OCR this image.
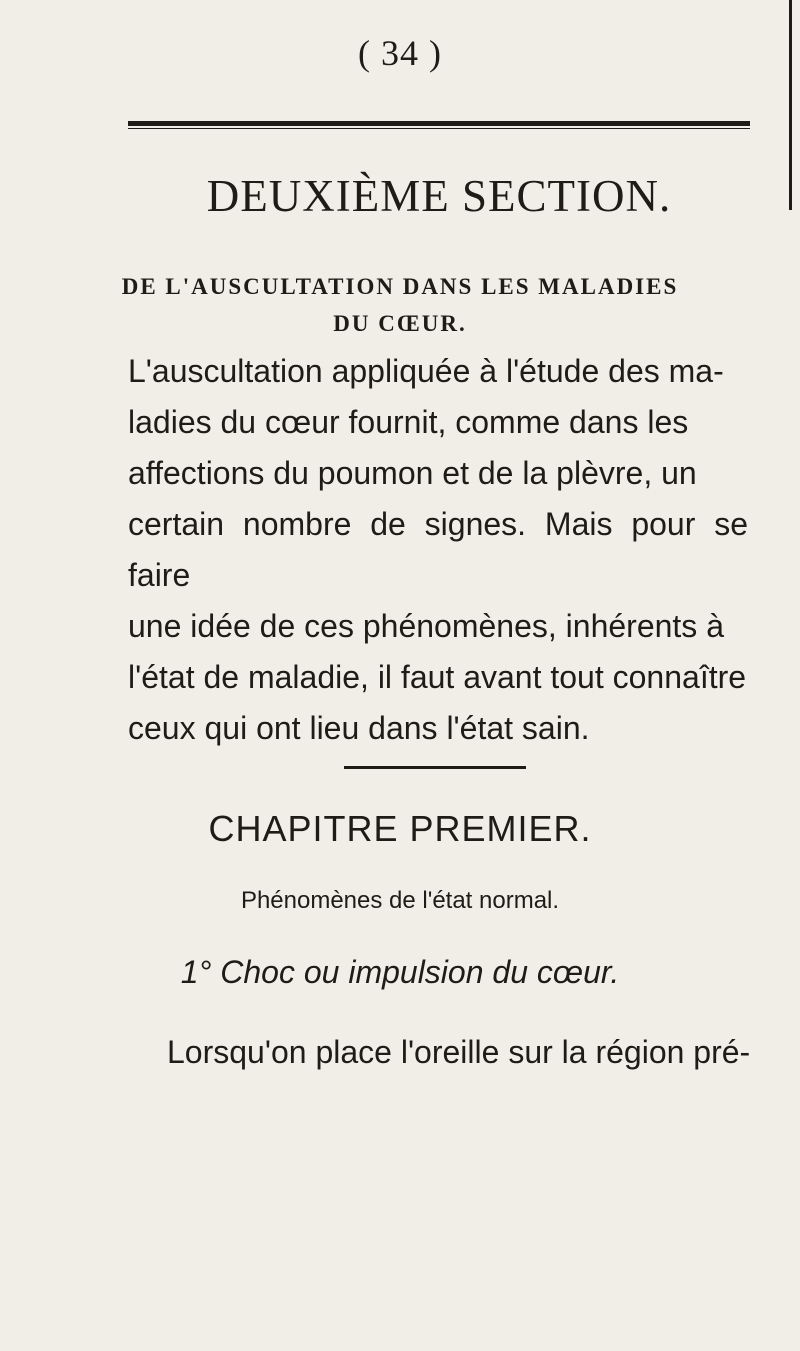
( 34 )
DEUXIÈME SECTION.
DE L'AUSCULTATION DANS LES MALADIES
DU CŒUR.
L'auscultation appliquée à l'étude des ma-
ladies du cœur fournit, comme dans les
affections du poumon et de la plèvre, un
certain nombre de signes. Mais pour se faire
une idée de ces phénomènes, inhérents à
l'état de maladie, il faut avant tout connaître
ceux qui ont lieu dans l'état sain.
CHAPITRE PREMIER.
Phénomènes de l'état normal.
1° Choc ou impulsion du cœur.
Lorsqu'on place l'oreille sur la région pré-
